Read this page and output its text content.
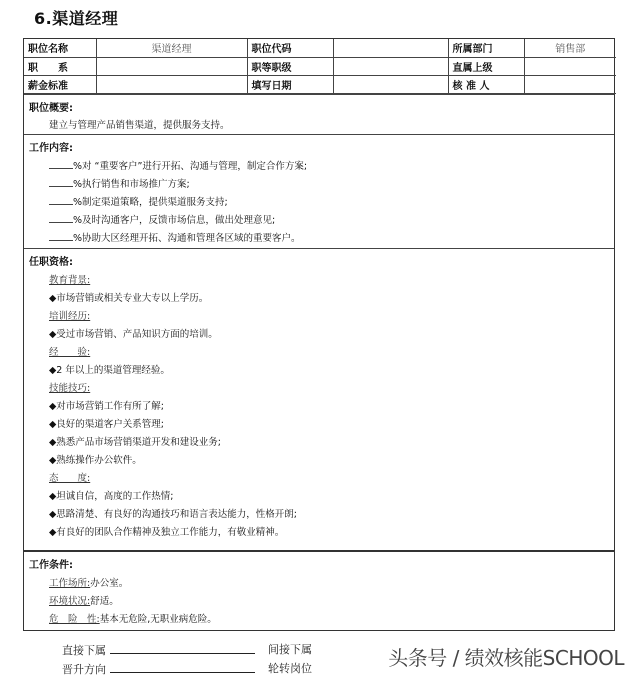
6.渠道经理
职位名称	渠道经理	职位代码		所属部门	销售部
职　　系		职等职级		直属上级	
薪金标准		填写日期		核 准 人	
职位概要:
建立与管理产品销售渠道，提供服务支持。
工作内容:
%对 “重要客户”进行开拓、沟通与管理，制定合作方案;
%执行销售和市场推广方案;
%制定渠道策略，提供渠道服务支持;
%及时沟通客户，反馈市场信息，做出处理意见;
%协助大区经理开拓、沟通和管理各区域的重要客户。
任职资格:
教育背景:
◆市场营销或相关专业大专以上学历。
培训经历:
◆受过市场营销、产品知识方面的培训。
经　　验:
◆2 年以上的渠道管理经验。
技能技巧:
◆对市场营销工作有所了解;
◆良好的渠道客户关系管理;
◆熟悉产品市场营销渠道开发和建设业务;
◆熟练操作办公软件。
态　　度:
◆坦诚自信，高度的工作热情;
◆思路清楚、有良好的沟通技巧和语言表达能力，性格开朗;
◆有良好的团队合作精神及独立工作能力，有敬业精神。
工作条件:
工作场所:办公室。
环境状况:舒适。
危　险　性:基本无危险,无职业病危险。
直接下属
晋升方向
间接下属
轮转岗位	头条号 / 绩效核能SCHOOL
